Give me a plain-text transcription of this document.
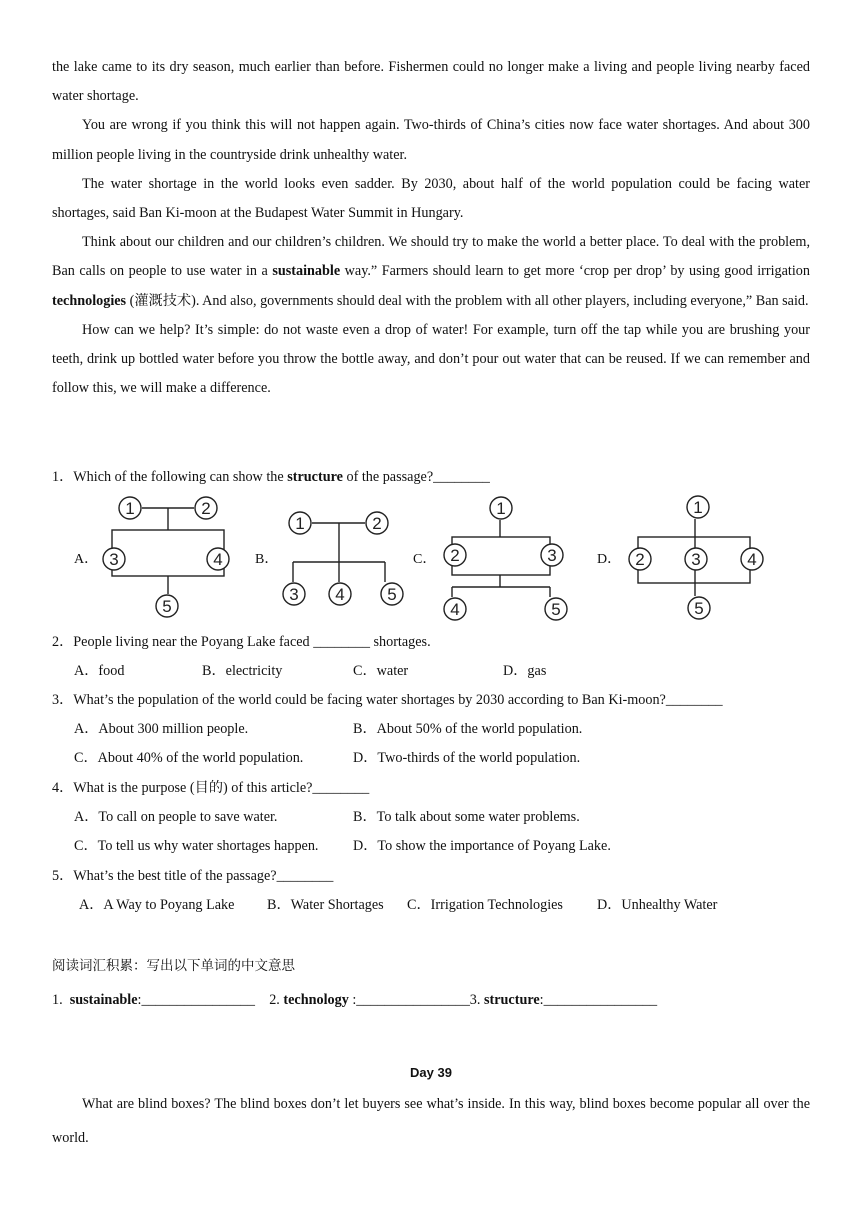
the lake came to its dry season, much earlier than before. Fishermen could no longer make a living and people living nearby faced water shortage.

You are wrong if you think this will not happen again. Two-thirds of China’s cities now face water shortages. And about 300 million people living in the countryside drink unhealthy water.

The water shortage in the world looks even sadder. By 2030, about half of the world population could be facing water shortages, said Ban Ki-moon at the Budapest Water Summit in Hungary.

Think about our children and our children’s children. We should try to make the world a better place. To deal with the problem, Ban calls on people to use water in a sustainable way.” Farmers should learn to get more ‘crop per drop’ by using good irrigation technologies (灌溉技术). And also, governments should deal with the problem with all other players, including everyone,” Ban said.

How can we help? It’s simple: do not waste even a drop of water! For example, turn off the tap while you are brushing your teeth, drink up bottled water before you throw the bottle away, and don’t pour out water that can be reused. If we can remember and follow this, we will make a difference.

1．Which of the following can show the structure of the passage?________
A．	B．	C．	D．
1	2
3	4
5
1	2
3 4	5
1
2	3
4	5
1
2	3	4
5
2．People living near the Poyang Lake faced ________ shortages.
A．food	B．electricity	C．water	D．gas
3．What’s the population of the world could be facing water shortages by 2030 according to Ban Ki-moon?________
A．About 300 million people.	B．About 50% of the world population.
C．About 40% of the world population.	D．Two-thirds of the world population.
4．What is the purpose (目的) of this article?________
A．To call on people to save water.	B．To talk about some water problems.
C．To tell us why water shortages happen. D．To show the importance of Poyang Lake.
5．What’s the best title of the passage?________
A．A Way to Poyang Lake B．Water Shortages C．Irrigation Technologies D．Unhealthy Water
阅读词汇积累：写出以下单词的中文意思
1.  sustainable:________________ 2. technology :________________3. structure:________________
Day 39

What are blind boxes? The blind boxes don’t let buyers see what’s inside. In this way, blind boxes become popular all over the world.
